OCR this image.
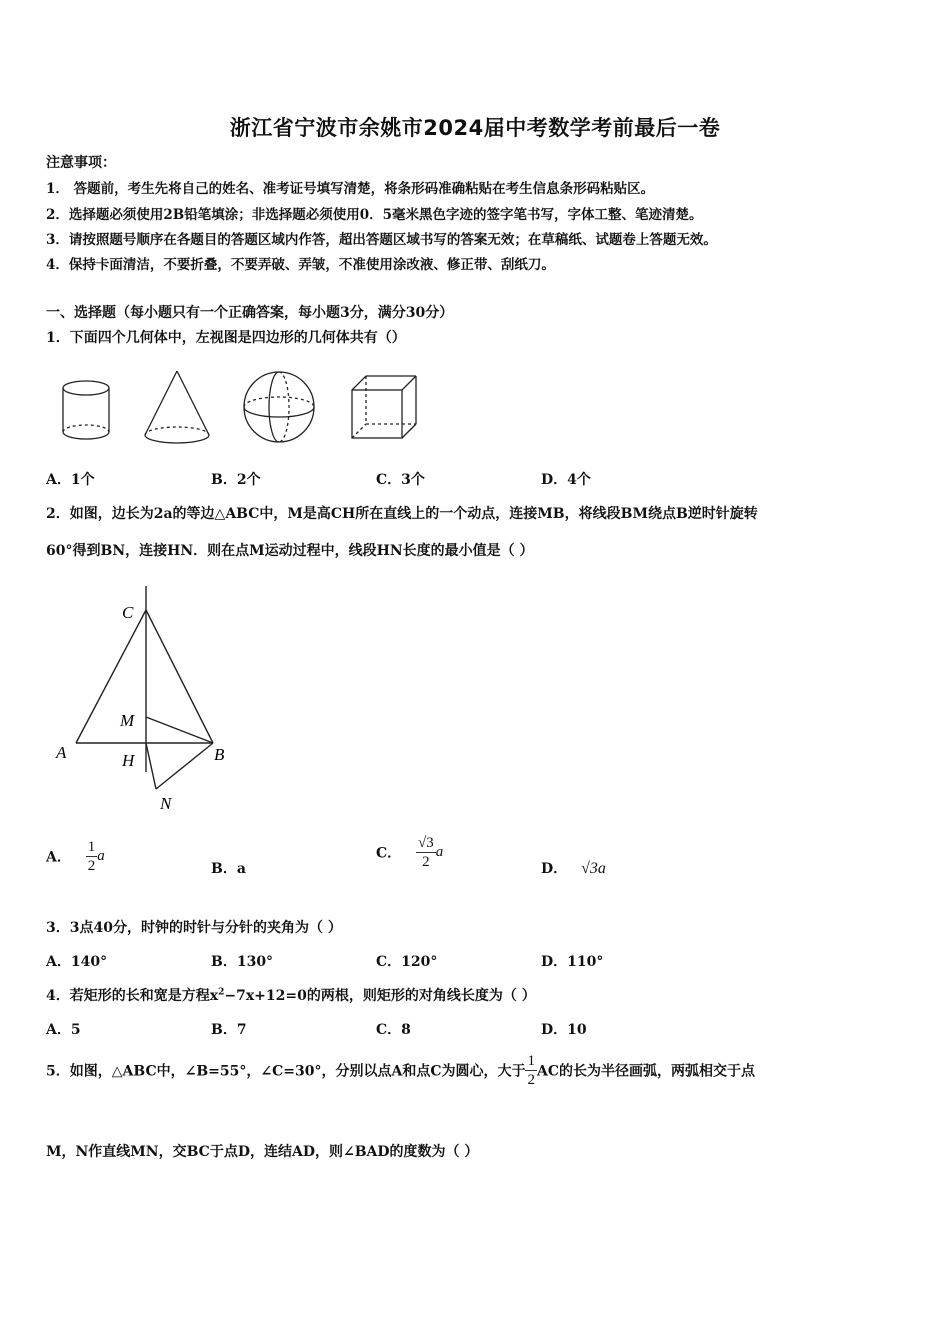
浙江省宁波市余姚市2024届中考数学考前最后一卷
注意事项：
1． 答题前，考生先将自己的姓名、准考证号填写清楚，将条形码准确粘贴在考生信息条形码粘贴区。
2．选择题必须使用2B铅笔填涂；非选择题必须使用0．5毫米黑色字迹的签字笔书写，字体工整、笔迹清楚。
3．请按照题号顺序在各题目的答题区域内作答，超出答题区域书写的答案无效；在草稿纸、试题卷上答题无效。
4．保持卡面清洁，不要折叠，不要弄破、弄皱，不准使用涂改液、修正带、刮纸刀。
一、选择题（每小题只有一个正确答案，每小题3分，满分30分）
1．下面四个几何体中，左视图是四边形的几何体共有（）
A．1个	B．2个	C．3个	D．4个
2．如图，边长为2a的等边△ABC中，M是高CH所在直线上的一个动点，连接MB，将线段BM绕点B逆时针旋转
60°得到BN，连接HN．则在点M运动过程中，线段HN长度的最小值是（ ）
C
M
A	H	B
N
A． $\frac{1}{2}$ a
B．a
C． $\frac{√3}{2}$ a
D． √3a
3．3点40分，时钟的时针与分针的夹角为（ ）
A．140°	B．130°	C．120°	D．110°
4．若矩形的长和宽是方程$x^2-7x+12=0$的两根，则矩形的对角线长度为（ ）
A．5	B．7	C．8	D．10
5．如图，△ABC中，∠B=55°，∠C=30°，分别以点A和点C为圆心，大于 $\frac{1}{2}$ AC的长为半径画弧，两弧相交于点
M，N作直线MN，交BC于点D，连结AD，则∠BAD的度数为（ ）
